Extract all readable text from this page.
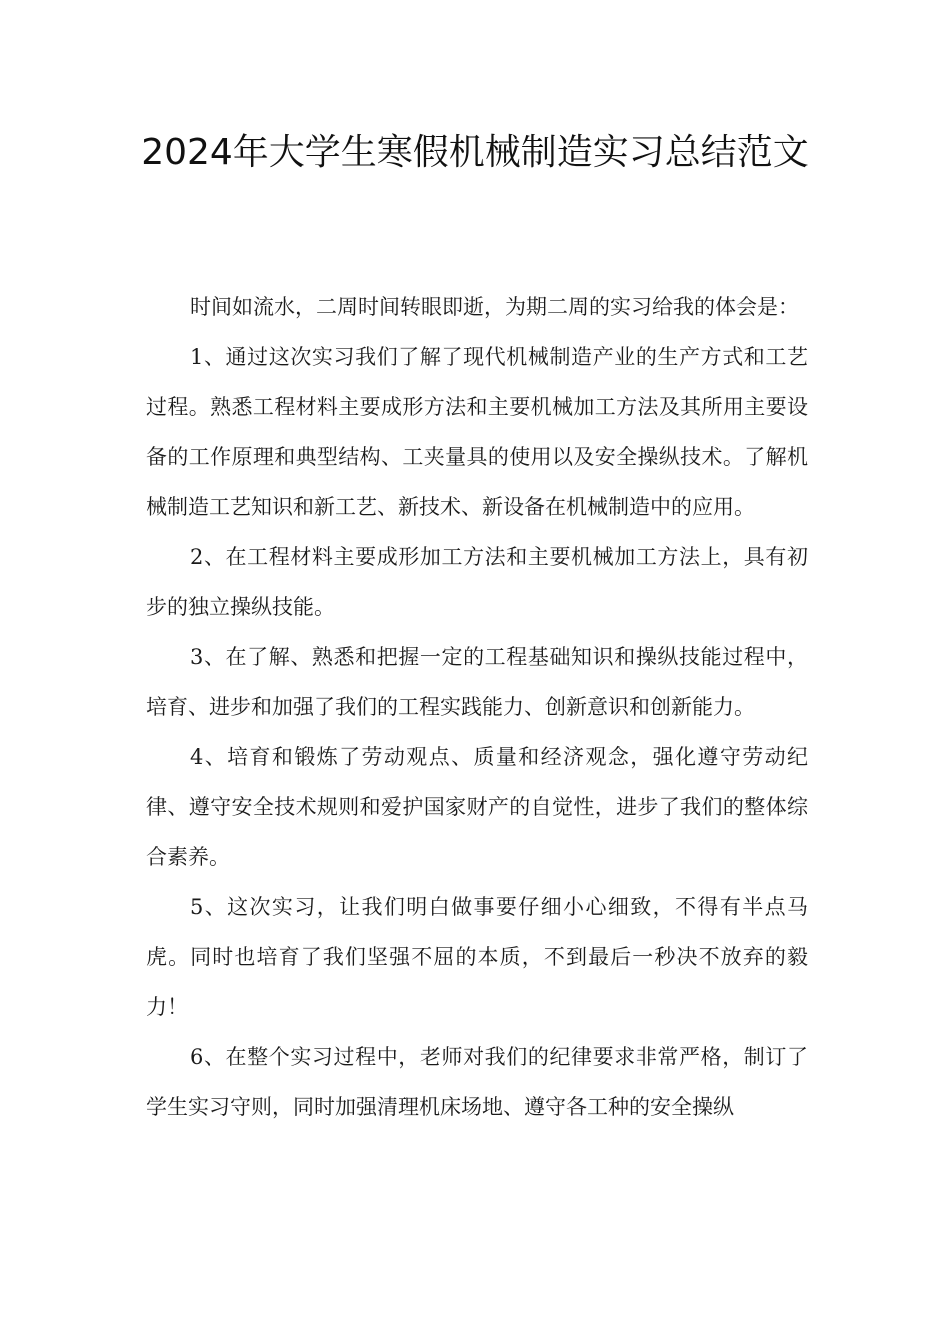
2024年大学生寒假机械制造实习总结范文

时间如流水，二周时间转眼即逝，为期二周的实习给我的体会是：

1、通过这次实习我们了解了现代机械制造产业的生产方式和工艺过程。熟悉工程材料主要成形方法和主要机械加工方法及其所用主要设备的工作原理和典型结构、工夹量具的使用以及安全操纵技术。了解机械制造工艺知识和新工艺、新技术、新设备在机械制造中的应用。

2、在工程材料主要成形加工方法和主要机械加工方法上，具有初步的独立操纵技能。

3、在了解、熟悉和把握一定的工程基础知识和操纵技能过程中，培育、进步和加强了我们的工程实践能力、创新意识和创新能力。

4、培育和锻炼了劳动观点、质量和经济观念，强化遵守劳动纪律、遵守安全技术规则和爱护国家财产的自觉性，进步了我们的整体综合素养。

5、这次实习，让我们明白做事要仔细小心细致，不得有半点马虎。同时也培育了我们坚强不屈的本质，不到最后一秒决不放弃的毅力！

6、在整个实习过程中，老师对我们的纪律要求非常严格，制订了学生实习守则，同时加强清理机床场地、遵守各工种的安全操纵
